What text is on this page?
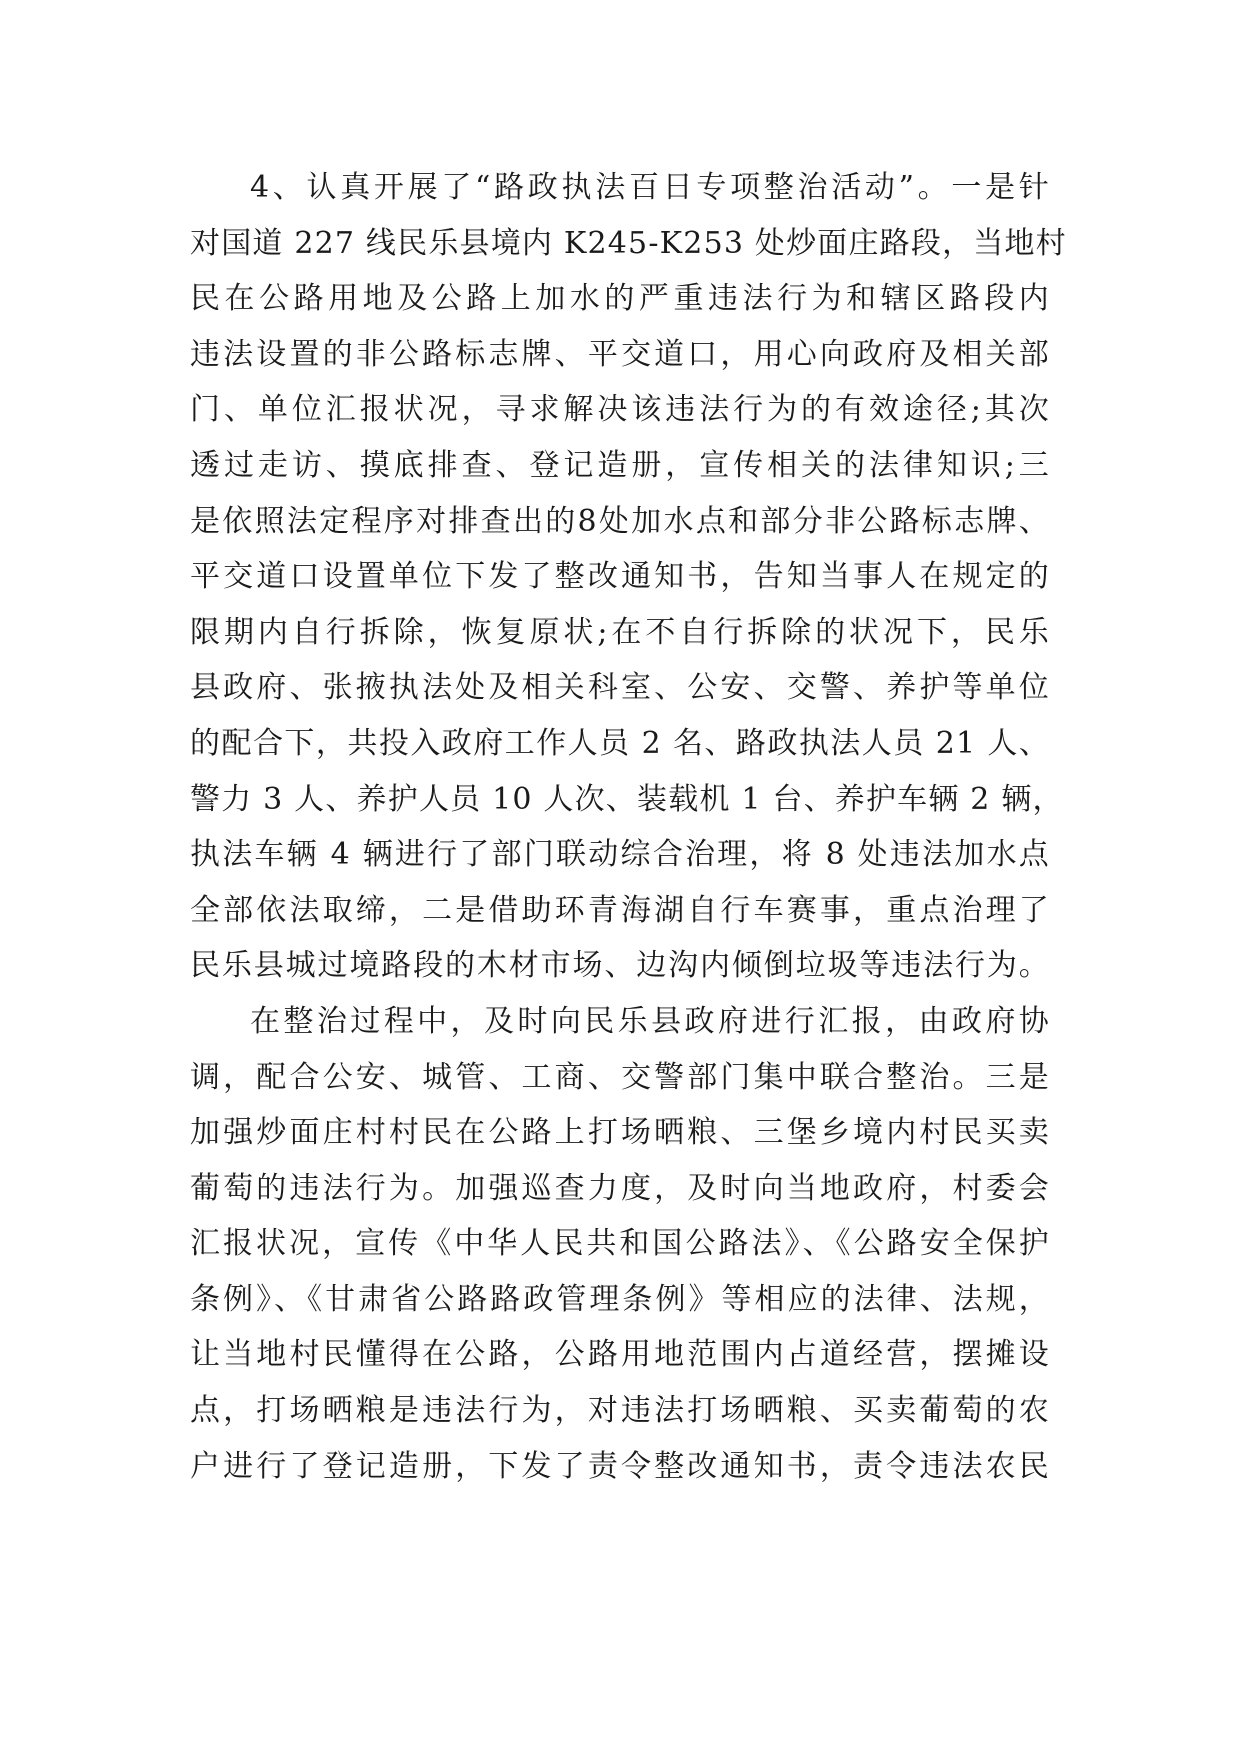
4、认真开展了“路政执法百日专项整治活动”。一是针
对国道 227 线民乐县境内 K245-K253 处炒面庄路段，当地村
民在公路用地及公路上加水的严重违法行为和辖区路段内
违法设置的非公路标志牌、平交道口，用心向政府及相关部
门、单位汇报状况，寻求解决该违法行为的有效途径;其次
透过走访、摸底排查、登记造册，宣传相关的法律知识;三
是依照法定程序对排查出的8处加水点和部分非公路标志牌、
平交道口设置单位下发了整改通知书，告知当事人在规定的
限期内自行拆除，恢复原状;在不自行拆除的状况下，民乐
县政府、张掖执法处及相关科室、公安、交警、养护等单位
的配合下，共投入政府工作人员 2 名、路政执法人员 21 人、
警力 3 人、养护人员 10 人次、装载机 1 台、养护车辆 2 辆，
执法车辆 4 辆进行了部门联动综合治理，将 8 处违法加水点
全部依法取缔，二是借助环青海湖自行车赛事，重点治理了
民乐县城过境路段的木材市场、边沟内倾倒垃圾等违法行为。

在整治过程中，及时向民乐县政府进行汇报，由政府协
调，配合公安、城管、工商、交警部门集中联合整治。三是
加强炒面庄村村民在公路上打场晒粮、三堡乡境内村民买卖
葡萄的违法行为。加强巡查力度，及时向当地政府，村委会
汇报状况，宣传《中华人民共和国公路法》、《公路安全保护
条例》、《甘肃省公路路政管理条例》等相应的法律、法规，
让当地村民懂得在公路，公路用地范围内占道经营，摆摊设
点，打场晒粮是违法行为，对违法打场晒粮、买卖葡萄的农
户进行了登记造册，下发了责令整改通知书，责令违法农民
